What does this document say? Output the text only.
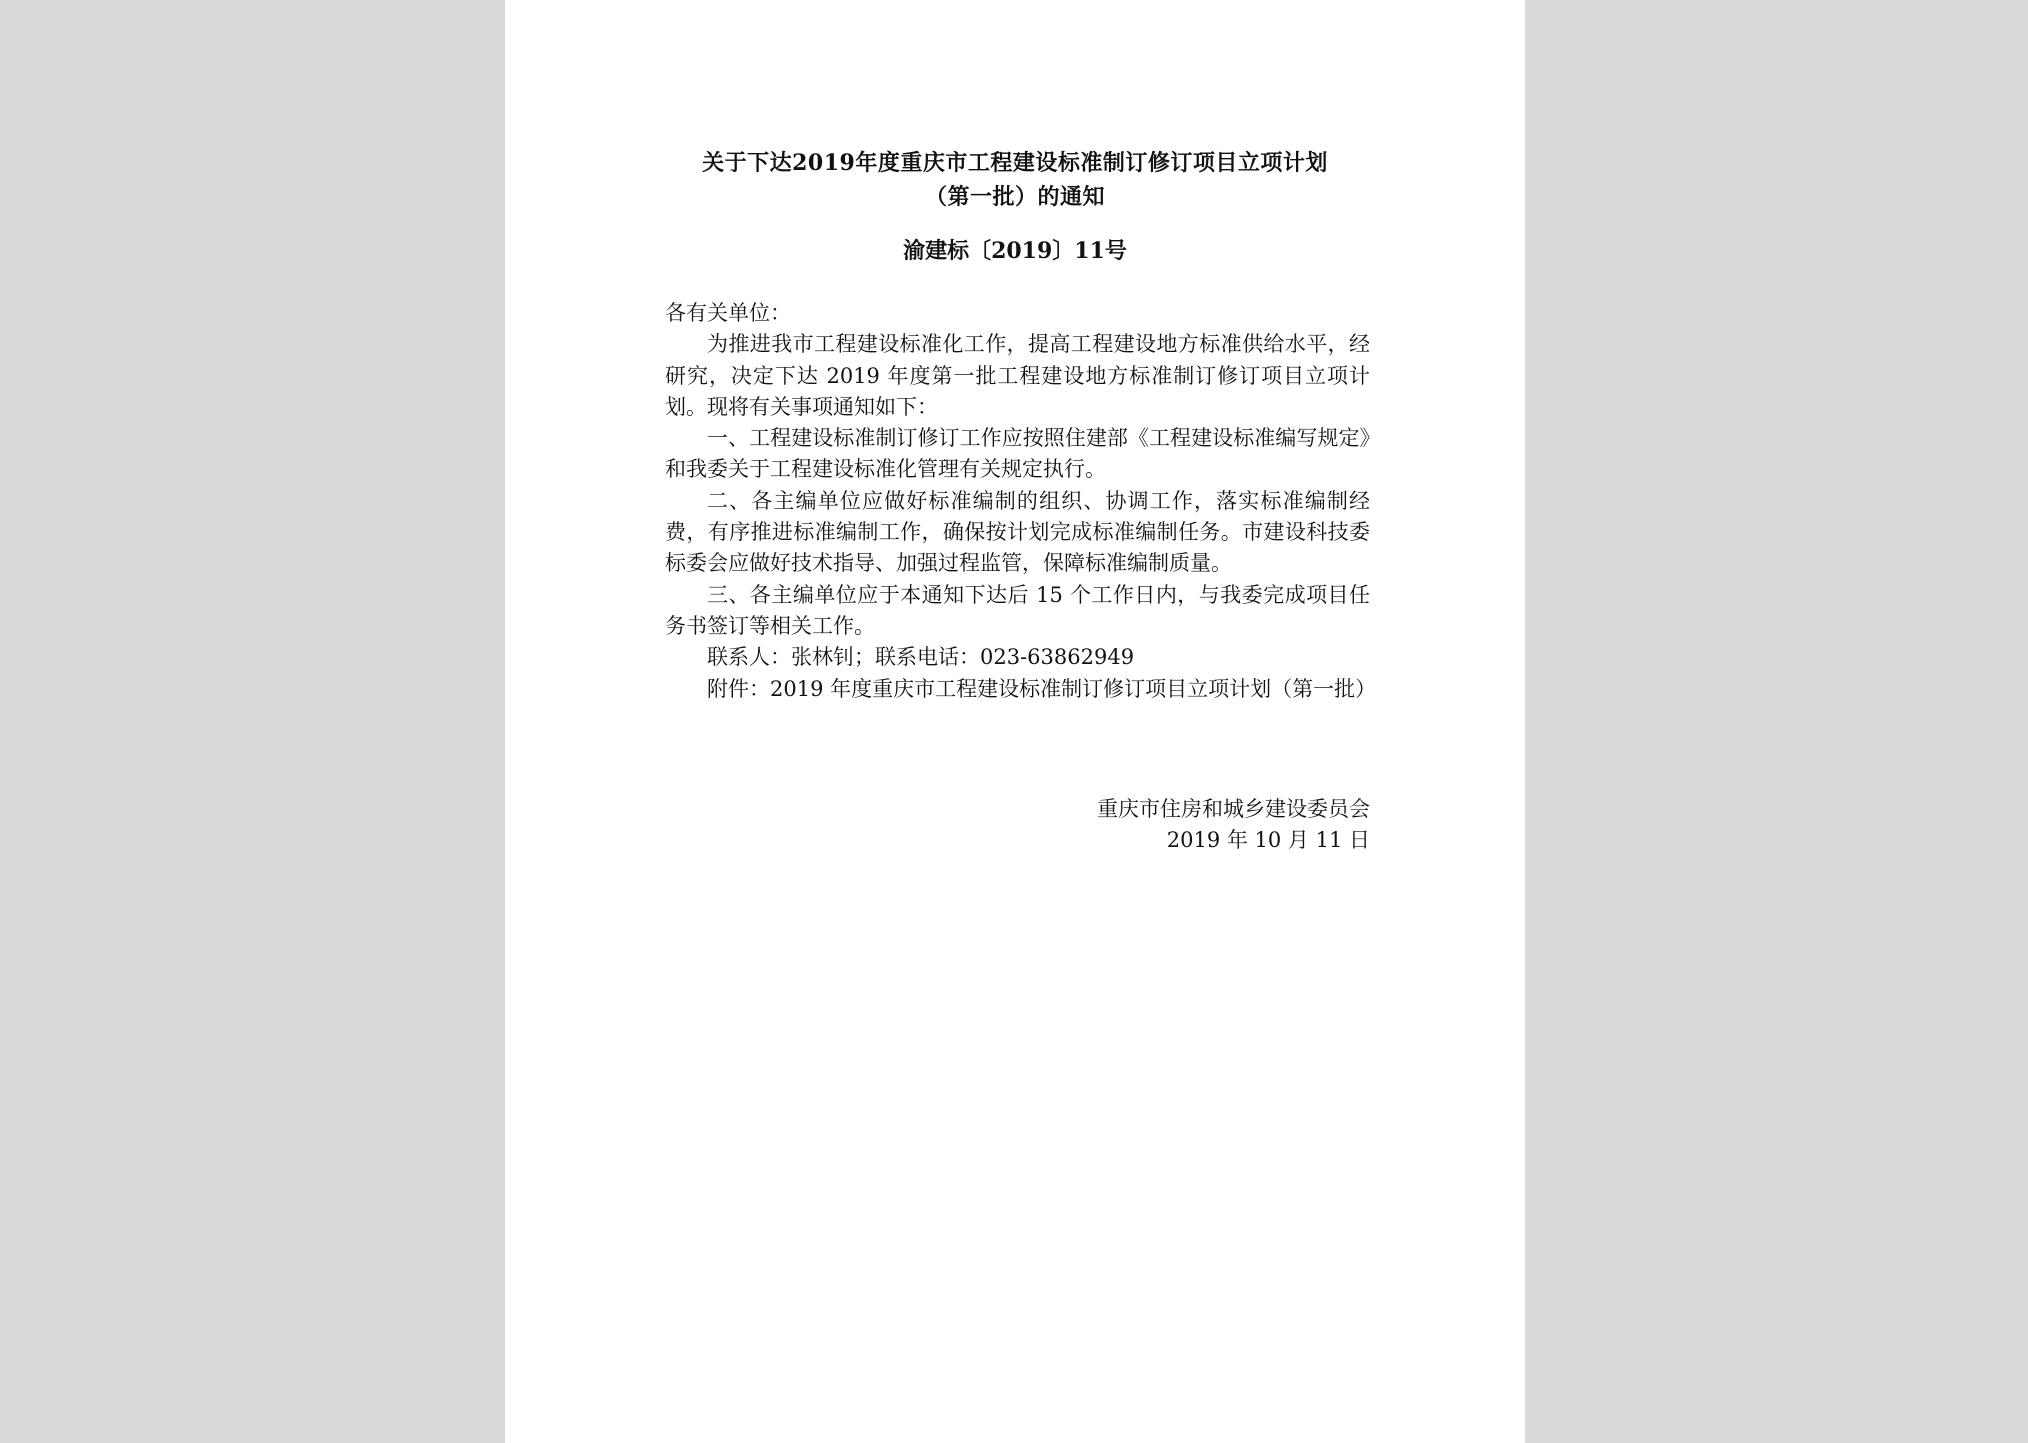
关于下达2019年度重庆市工程建设标准制订修订项目立项计划
（第一批）的通知
渝建标〔2019〕11号

各有关单位：

为推进我市工程建设标准化工作，提高工程建设地方标准供给水平，经研究，决定下达 2019 年度第一批工程建设地方标准制订修订项目立项计划。现将有关事项通知如下：

一、工程建设标准制订修订工作应按照住建部《工程建设标准编写规定》和我委关于工程建设标准化管理有关规定执行。

二、各主编单位应做好标准编制的组织、协调工作，落实标准编制经费，有序推进标准编制工作，确保按计划完成标准编制任务。市建设科技委标委会应做好技术指导、加强过程监管，保障标准编制质量。

三、各主编单位应于本通知下达后 15 个工作日内，与我委完成项目任务书签订等相关工作。

联系人：张林钊；联系电话：023-63862949

附件：2019 年度重庆市工程建设标准制订修订项目立项计划（第一批）

重庆市住房和城乡建设委员会
2019 年 10 月 11 日
